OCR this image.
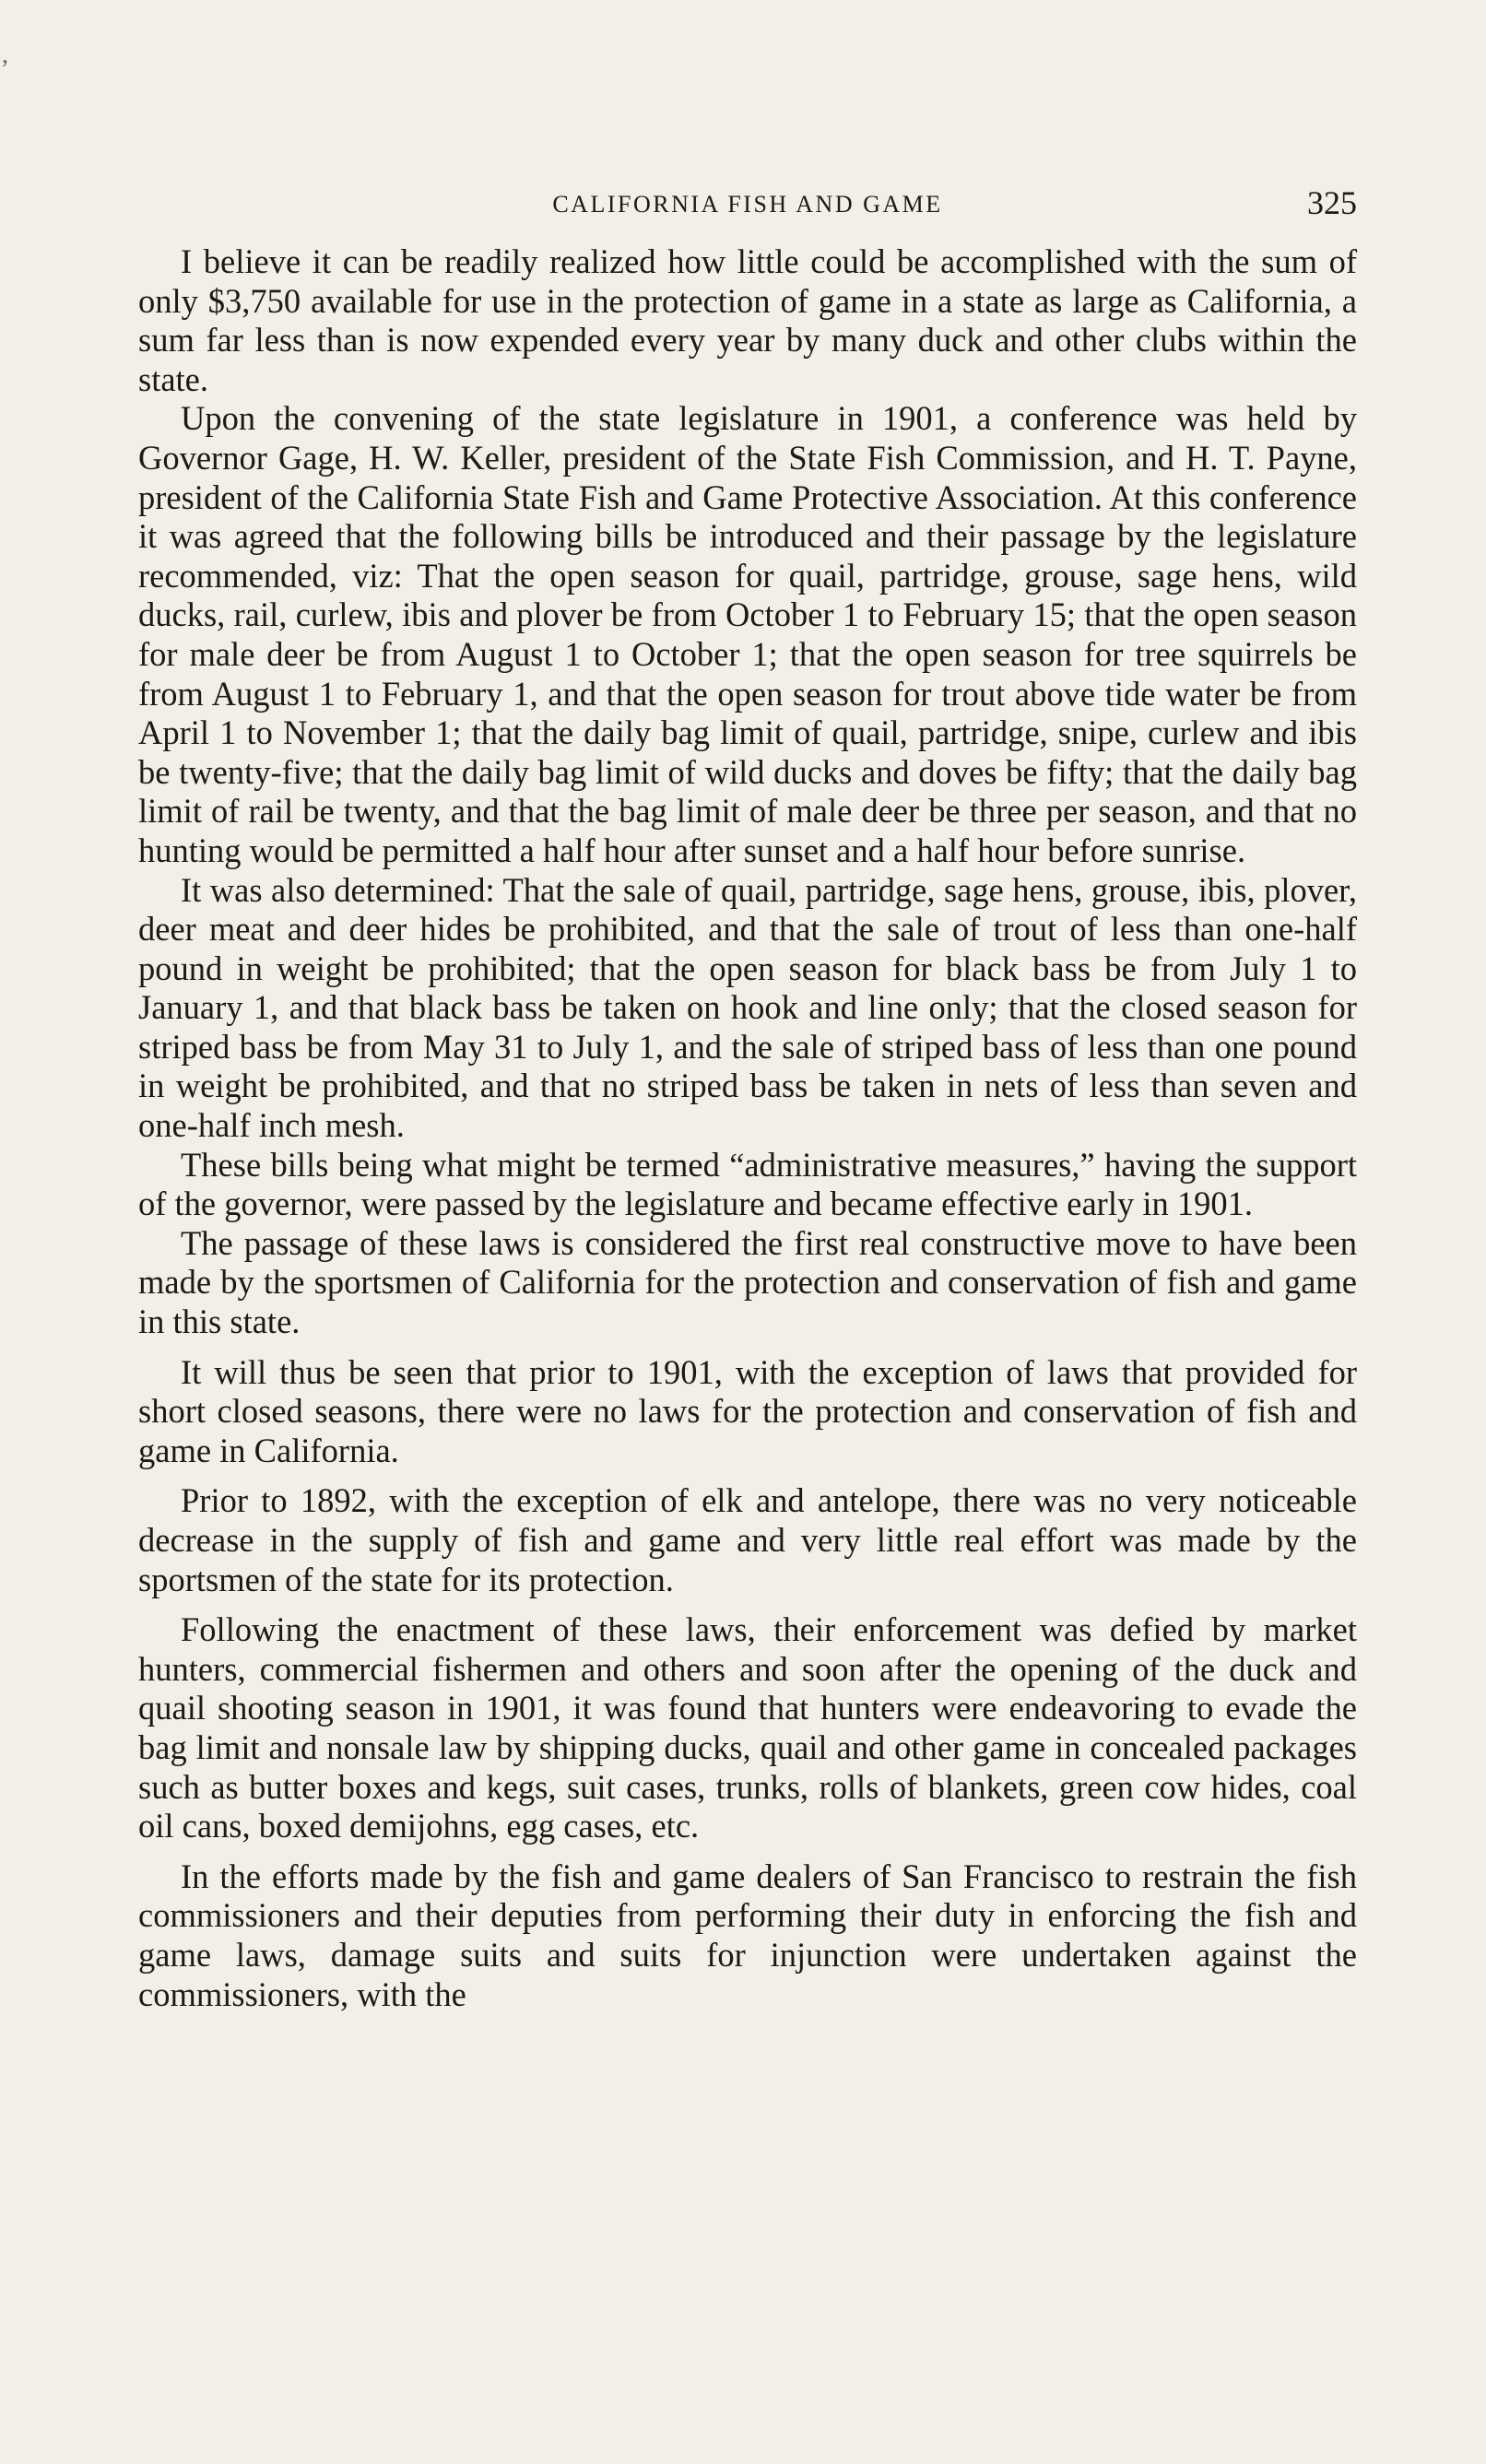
,
CALIFORNIA FISH AND GAME	325

I believe it can be readily realized how little could be accomplished with the sum of only $3,750 available for use in the protection of game in a state as large as California, a sum far less than is now expended every year by many duck and other clubs within the state.

Upon the convening of the state legislature in 1901, a conference was held by Governor Gage, H. W. Keller, president of the State Fish Commission, and H. T. Payne, president of the California State Fish and Game Protective Association. At this conference it was agreed that the following bills be introduced and their passage by the legislature recommended, viz: That the open season for quail, partridge, grouse, sage hens, wild ducks, rail, curlew, ibis and plover be from October 1 to February 15; that the open season for male deer be from August 1 to October 1; that the open season for tree squirrels be from August 1 to February 1, and that the open season for trout above tide water be from April 1 to November 1; that the daily bag limit of quail, partridge, snipe, curlew and ibis be twenty-five; that the daily bag limit of wild ducks and doves be fifty; that the daily bag limit of rail be twenty, and that the bag limit of male deer be three per season, and that no hunting would be permitted a half hour after sunset and a half hour before sunrise.

It was also determined: That the sale of quail, partridge, sage hens, grouse, ibis, plover, deer meat and deer hides be prohibited, and that the sale of trout of less than one-half pound in weight be prohibited; that the open season for black bass be from July 1 to January 1, and that black bass be taken on hook and line only; that the closed season for striped bass be from May 31 to July 1, and the sale of striped bass of less than one pound in weight be prohibited, and that no striped bass be taken in nets of less than seven and one-half inch mesh.

These bills being what might be termed “administrative measures,” having the support of the governor, were passed by the legislature and became effective early in 1901.

The passage of these laws is considered the first real constructive move to have been made by the sportsmen of California for the protection and conservation of fish and game in this state.

It will thus be seen that prior to 1901, with the exception of laws that provided for short closed seasons, there were no laws for the protection and conservation of fish and game in California.

Prior to 1892, with the exception of elk and antelope, there was no very noticeable decrease in the supply of fish and game and very little real effort was made by the sportsmen of the state for its protection.

Following the enactment of these laws, their enforcement was defied by market hunters, commercial fishermen and others and soon after the opening of the duck and quail shooting season in 1901, it was found that hunters were endeavoring to evade the bag limit and nonsale law by shipping ducks, quail and other game in concealed packages such as butter boxes and kegs, suit cases, trunks, rolls of blankets, green cow hides, coal oil cans, boxed demijohns, egg cases, etc.

In the efforts made by the fish and game dealers of San Francisco to restrain the fish commissioners and their deputies from performing their duty in enforcing the fish and game laws, damage suits and suits for injunction were undertaken against the commissioners, with the
